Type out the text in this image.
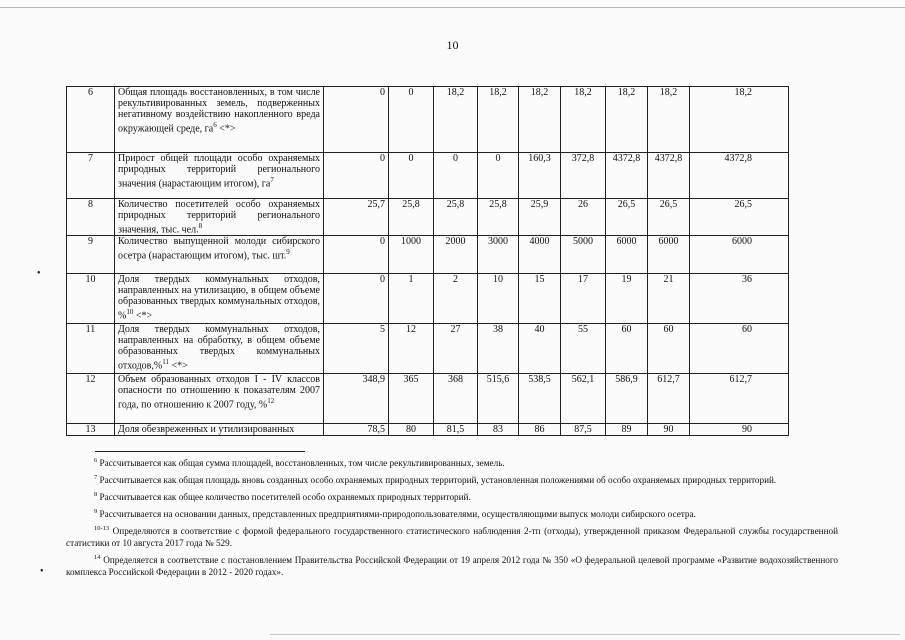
10
6	Общая площадь восстановленных, в том числе рекультивированных земель, подверженных негативному воздействию накопленного вреда окружающей среде, $га^6$ <*>	0	0	18,2	18,2	18,2	18,2	18,2	18,2	18,2
7	Прирост общей площади особо охраняемых природных территорий регионального значения (нарастающим итогом), $га^7$	0	0	0	0	160,3	372,8	4372,8	4372,8	4372,8
8	Количество посетителей особо охраняемых природных территорий регионального значения, тыс. чел.$^8$	25,7	25,8	25,8	25,8	25,9	26	26,5	26,5	26,5
9	Количество выпущенной молоди сибирского осетра (нарастающим итогом), тыс. шт.$^9$	0	1000	2000	3000	4000	5000	6000	6000	6000
10	Доля твердых коммунальных отходов, направленных на утилизацию, в общем объеме образованных твердых коммунальных отходов, %$^{10}$ <*>	0	1	2	10	15	17	19	21	36
11	Доля твердых коммунальных отходов, направленных на обработку, в общем объеме образованных твердых коммунальных отходов,%$^{11}$ <*>	5	12	27	38	40	55	60	60	60
12	Объем образованных отходов I - IV классов опасности по отношению к показателям 2007 года, по отношению к 2007 году, %$^{12}$	348,9	365	368	515,6	538,5	562,1	586,9	612,7	612,7
13	Доля обезвреженных и утилизированных	78,5	80	81,5	83	86	87,5	89	90	90

$^6$ Рассчитывается как общая сумма площадей, восстановленных, том числе рекультивированных, земель.

$^7$ Рассчитывается как общая площадь вновь созданных особо охраняемых природных территорий, установленная положениями об особо охраняемых природных территорий.

$^8$ Рассчитывается как общее количество посетителей особо охраняемых природных территорий.

$^9$ Рассчитывается на основании данных, представленных предприятиями-природопользователями, осуществляющими выпуск молоди сибирского осетра.

$^{10-13}$ Определяются в соответствие с формой федерального государственного статистического наблюдения 2-тп (отходы), утвержденной приказом Федеральной службы государственной статистики от 10 августа 2017 года № 529.

$^{14}$ Определяется в соответствие с постановлением Правительства Российской Федерации от 19 апреля 2012 года № 350 «О федеральной целевой программе «Развитие водохозяйственного комплекса Российской Федерации в 2012 - 2020 годах».

•
•
